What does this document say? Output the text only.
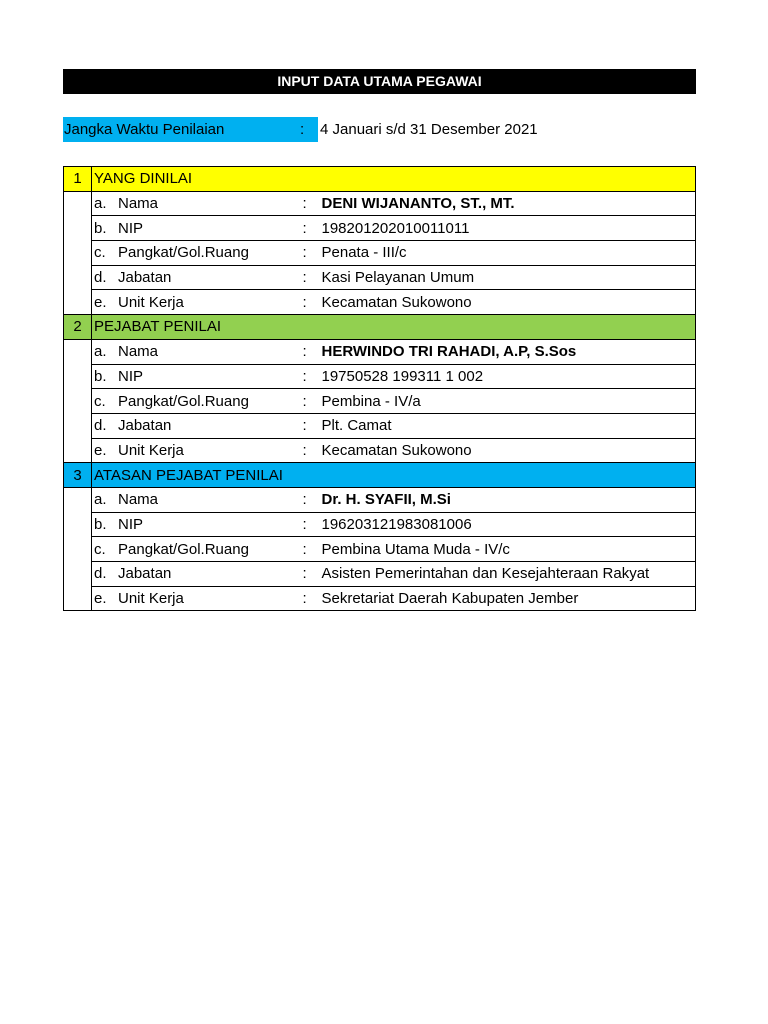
INPUT DATA UTAMA PEGAWAI
Jangka Waktu Penilaian	:	4 Januari s/d 31 Desember 2021
1	YANG DINILAI		
	a. Nama	:	DENI WIJANANTO, ST., MT.
	b. NIP	:	198201202010011011
	c. Pangkat/Gol.Ruang	:	Penata - III/c
	d. Jabatan	:	Kasi Pelayanan Umum
	e. Unit Kerja	:	Kecamatan Sukowono
2	PEJABAT PENILAI		
	a. Nama	:	HERWINDO TRI RAHADI, A.P, S.Sos
	b. NIP	:	19750528 199311 1 002
	c. Pangkat/Gol.Ruang	:	Pembina - IV/a
	d. Jabatan	:	Plt. Camat
	e. Unit Kerja	:	Kecamatan Sukowono
3	ATASAN PEJABAT PENILAI		
	a. Nama	:	Dr. H. SYAFII, M.Si
	b. NIP	:	196203121983081006
	c. Pangkat/Gol.Ruang	:	Pembina Utama Muda - IV/c
	d. Jabatan	:	Asisten Pemerintahan dan Kesejahteraan Rakyat
	e. Unit Kerja	:	Sekretariat Daerah Kabupaten Jember
